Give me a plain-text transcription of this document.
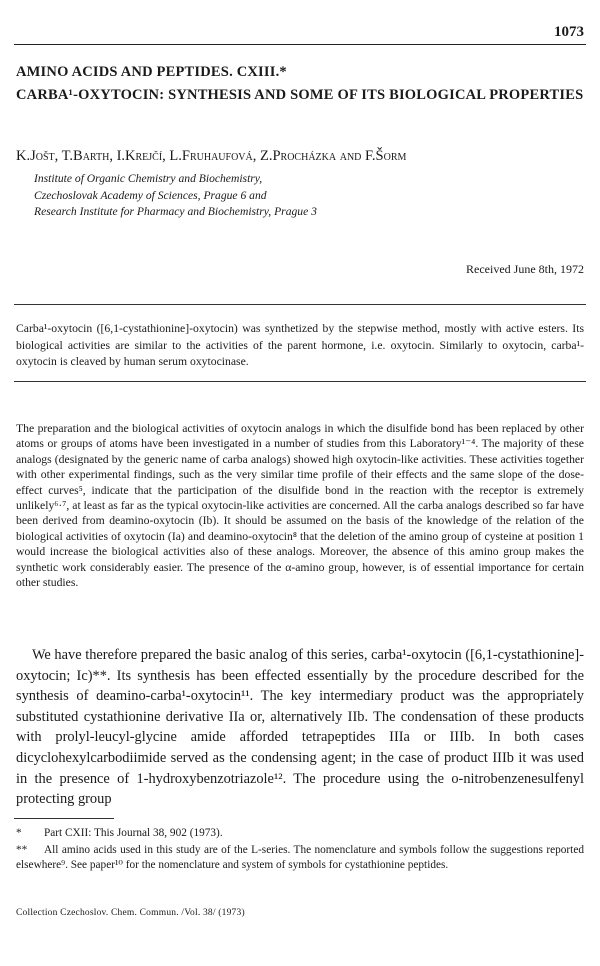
1073
AMINO ACIDS AND PEPTIDES. CXIII.*
CARBA¹-OXYTOCIN: SYNTHESIS AND SOME OF ITS BIOLOGICAL PROPERTIES
K.Jošt, T.Barth, I.Krejčí, L.Fruhaufová, Z.Procházka and F.Šorm
Institute of Organic Chemistry and Biochemistry,
Czechoslovak Academy of Sciences, Prague 6 and
Research Institute for Pharmacy and Biochemistry, Prague 3
Received June 8th, 1972
Carba¹-oxytocin ([6,1-cystathionine]-oxytocin) was synthetized by the stepwise method, mostly with active esters. Its biological activities are similar to the activities of the parent hormone, i.e. oxytocin. Similarly to oxytocin, carba¹-oxytocin is cleaved by human serum oxytocinase.

The preparation and the biological activities of oxytocin analogs in which the disulfide bond has been replaced by other atoms or groups of atoms have been investigated in a number of studies from this Laboratory¹⁻⁴. The majority of these analogs (designated by the generic name of carba analogs) showed high oxytocin-like activities. These activities together with other experimental findings, such as the very similar time profile of their effects and the same slope of the dose-effect curves⁵, indicate that the participation of the disulfide bond in the reaction with the receptor is extremely unlikely⁶·⁷, at least as far as the typical oxytocin-like activities are concerned. All the carba analogs described so far have been derived from deamino-oxytocin (Ib). It should be assumed on the basis of the knowledge of the relation of the biological activities of oxytocin (Ia) and deamino-oxytocin⁸ that the deletion of the amino group of cysteine at position 1 would increase the biological activities also of these analogs. Moreover, the absence of this amino group makes the synthetic work considerably easier. The presence of the α-amino group, however, is of essential importance for certain other studies.

We have therefore prepared the basic analog of this series, carba¹-oxytocin ([6,1-cystathionine]-oxytocin; Ic)**. Its synthesis has been effected essentially by the procedure described for the synthesis of deamino-carba¹-oxytocin¹¹. The key intermediary product was the appropriately substituted cystathionine derivative IIa or, alternatively IIb. The condensation of these products with prolyl-leucyl-glycine amide afforded tetrapeptides IIIa or IIIb. In both cases dicyclohexylcarbodiimide served as the condensing agent; in the case of product IIIb it was used in the presence of 1-hydroxybenzotriazole¹². The procedure using the o-nitrobenzenesulfenyl protecting group

* Part CXII: This Journal 38, 902 (1973).
** All amino acids used in this study are of the L-series. The nomenclature and symbols follow the suggestions reported elsewhere⁹. See paper¹⁰ for the nomenclature and system of symbols for cystathionine peptides.
Collection Czechoslov. Chem. Commun. /Vol. 38/ (1973)
